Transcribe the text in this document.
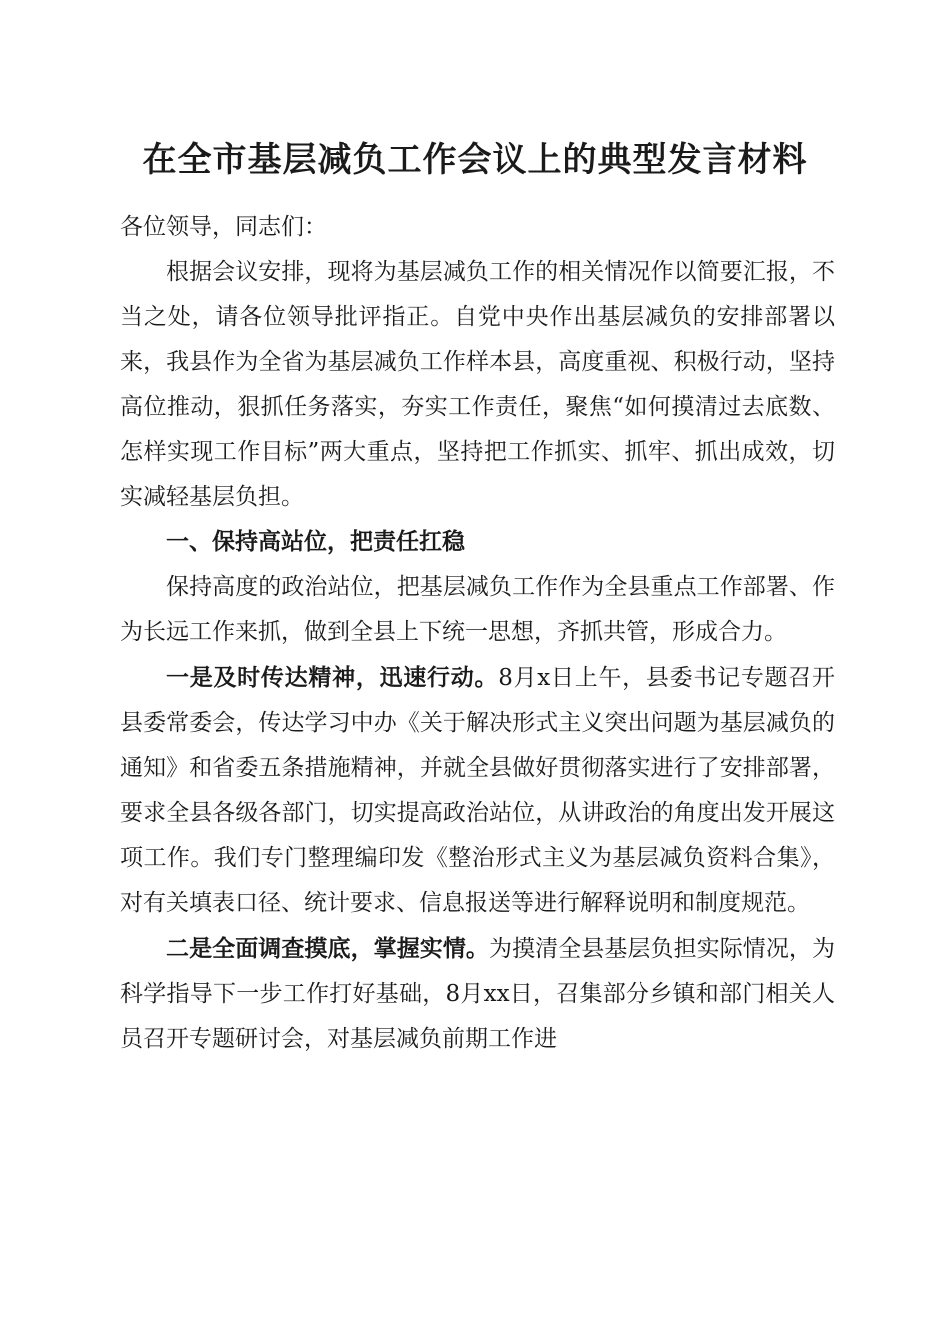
在全市基层减负工作会议上的典型发言材料

各位领导，同志们：

根据会议安排，现将为基层减负工作的相关情况作以简要汇报，不当之处，请各位领导批评指正。自党中央作出基层减负的安排部署以来，我县作为全省为基层减负工作样本县，高度重视、积极行动，坚持高位推动，狠抓任务落实，夯实工作责任，聚焦“如何摸清过去底数、怎样实现工作目标”两大重点，坚持把工作抓实、抓牢、抓出成效，切实减轻基层负担。

一、保持高站位，把责任扛稳

保持高度的政治站位，把基层减负工作作为全县重点工作部署、作为长远工作来抓，做到全县上下统一思想，齐抓共管，形成合力。

一是及时传达精神，迅速行动。8月x日上午，县委书记专题召开县委常委会，传达学习中办《关于解决形式主义突出问题为基层减负的通知》和省委五条措施精神，并就全县做好贯彻落实进行了安排部署，要求全县各级各部门，切实提高政治站位，从讲政治的角度出发开展这项工作。我们专门整理编印发《整治形式主义为基层减负资料合集》，对有关填表口径、统计要求、信息报送等进行解释说明和制度规范。

二是全面调查摸底，掌握实情。为摸清全县基层负担实际情况，为科学指导下一步工作打好基础，8月xx日，召集部分乡镇和部门相关人员召开专题研讨会，对基层减负前期工作进
